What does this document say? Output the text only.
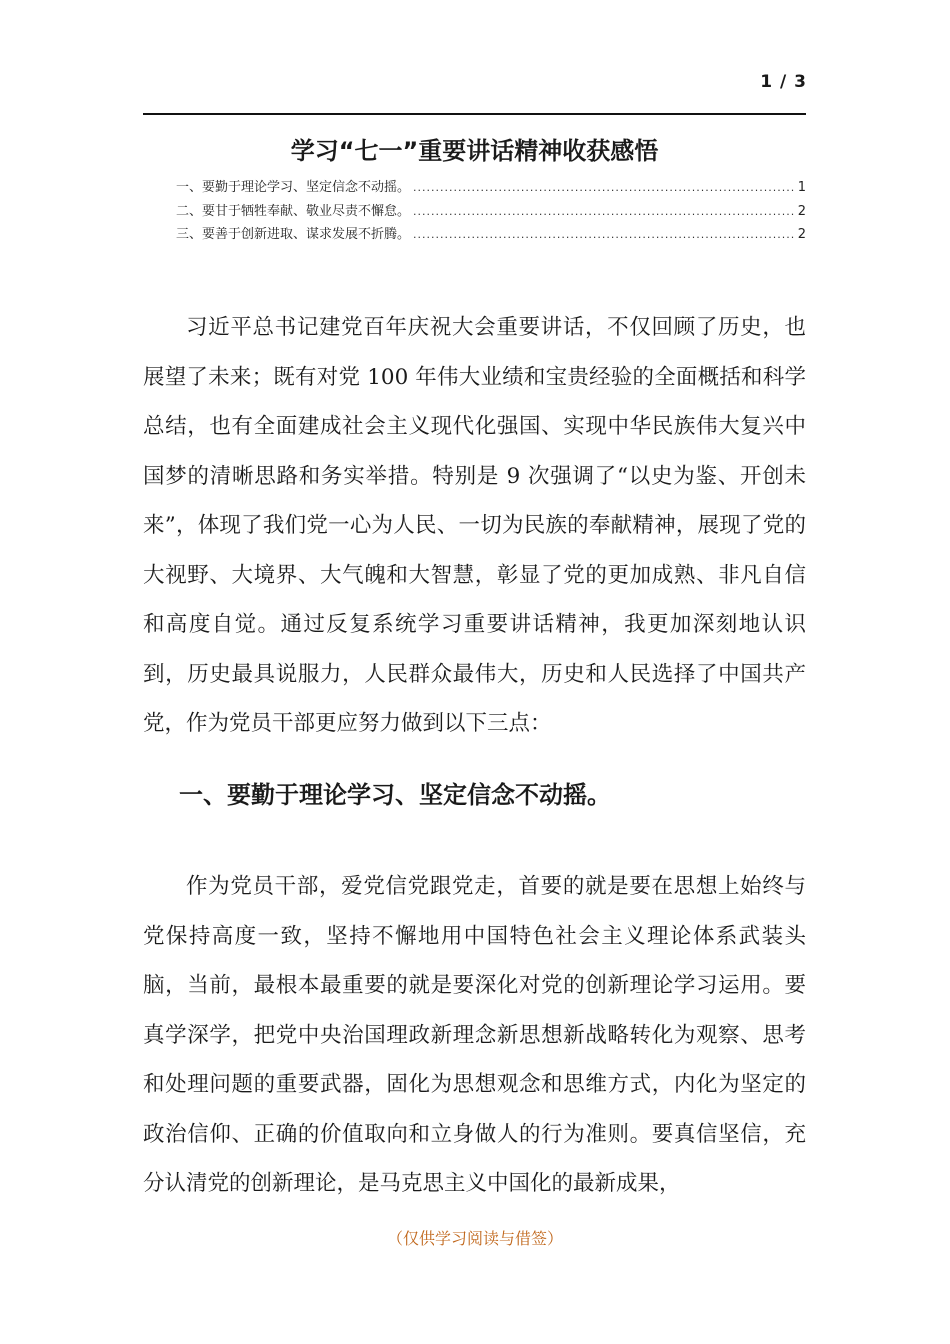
1 / 3
学习“七一”重要讲话精神收获感悟
一、要勤于理论学习、坚定信念不动摇。 .....	1
二、要甘于牺牲奉献、敬业尽责不懈怠。 .....	2
三、要善于创新进取、谋求发展不折腾。 .....	2

习近平总书记建党百年庆祝大会重要讲话，不仅回顾了历史，也展望了未来；既有对党 100 年伟大业绩和宝贵经验的全面概括和科学总结，也有全面建成社会主义现代化强国、实现中华民族伟大复兴中国梦的清晰思路和务实举措。特别是 9 次强调了“以史为鉴、开创未来”，体现了我们党一心为人民、一切为民族的奉献精神，展现了党的大视野、大境界、大气魄和大智慧，彰显了党的更加成熟、非凡自信和高度自觉。通过反复系统学习重要讲话精神，我更加深刻地认识到，历史最具说服力，人民群众最伟大，历史和人民选择了中国共产党，作为党员干部更应努力做到以下三点：

一、要勤于理论学习、坚定信念不动摇。

作为党员干部，爱党信党跟党走，首要的就是要在思想上始终与党保持高度一致，坚持不懈地用中国特色社会主义理论体系武装头脑，当前，最根本最重要的就是要深化对党的创新理论学习运用。要真学深学，把党中央治国理政新理念新思想新战略转化为观察、思考和处理问题的重要武器，固化为思想观念和思维方式，内化为坚定的政治信仰、正确的价值取向和立身做人的行为准则。要真信坚信，充分认清党的创新理论，是马克思主义中国化的最新成果，

（仅供学习阅读与借签）
